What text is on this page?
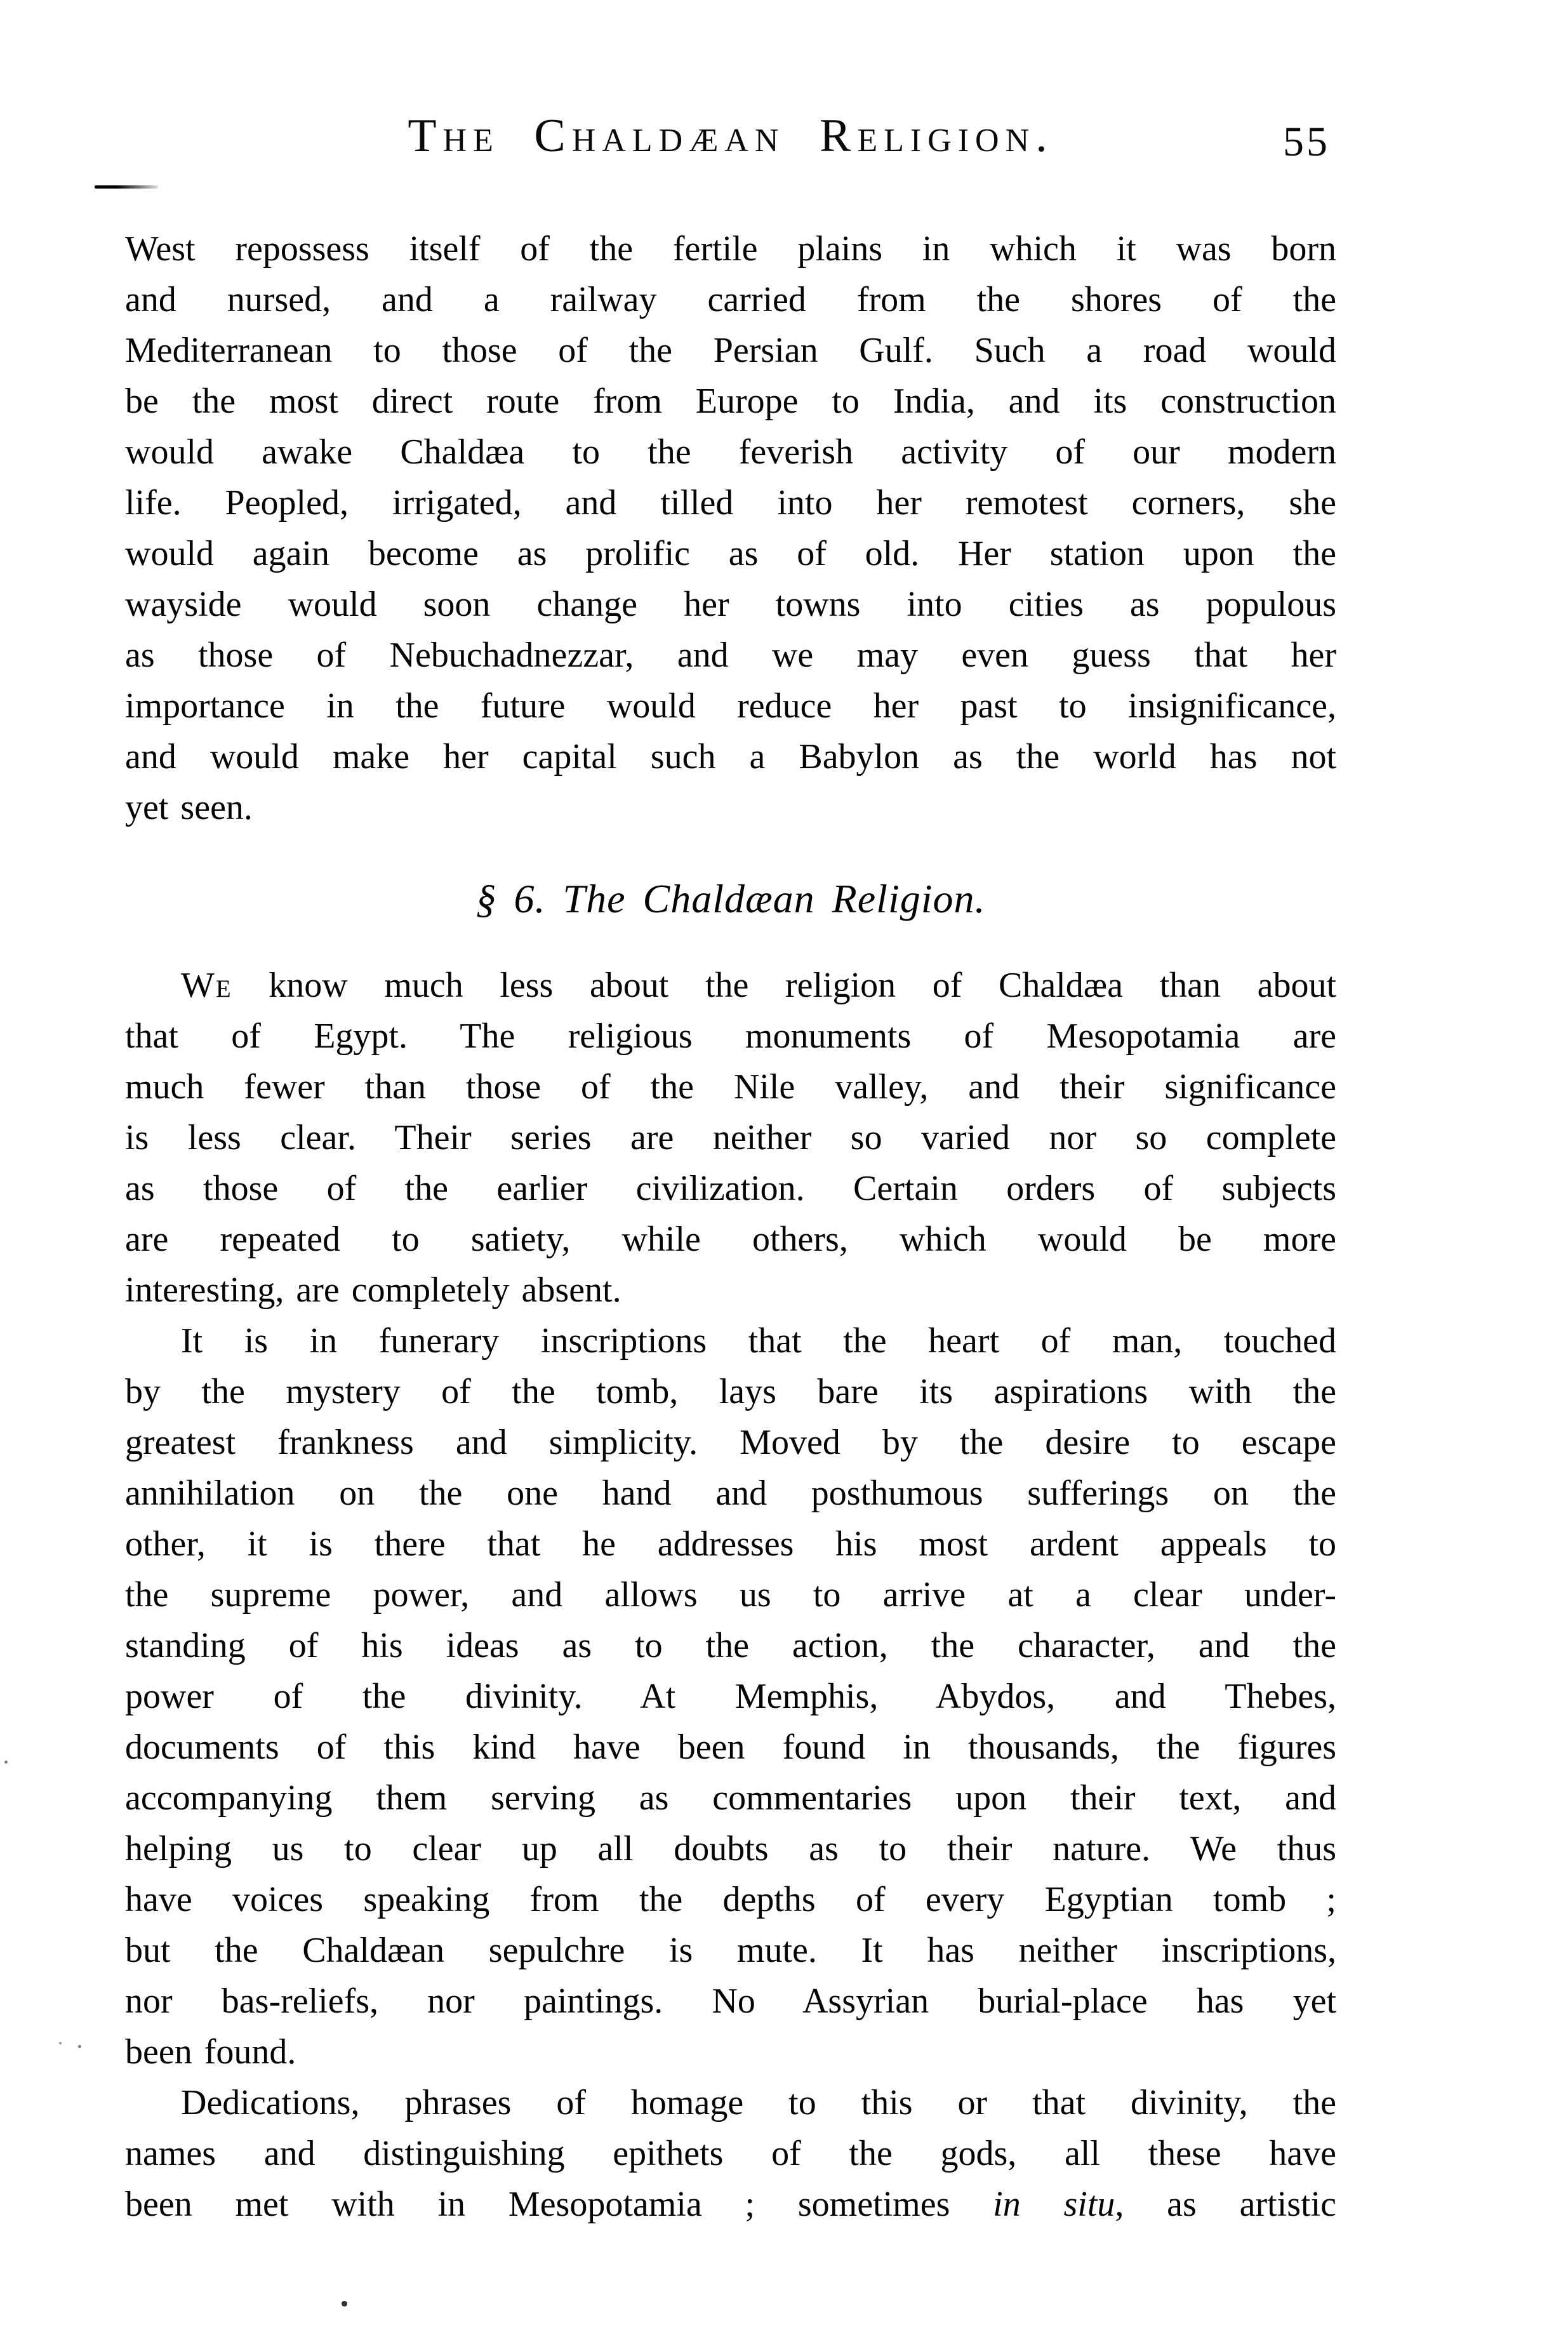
The Chaldæan Religion.	55
West repossess itself of the fertile plains in which it was born
and nursed, and a railway carried from the shores of the
Mediterranean to those of the Persian Gulf. Such a road would
be the most direct route from Europe to India, and its construction
would awake Chaldæa to the feverish activity of our modern
life. Peopled, irrigated, and tilled into her remotest corners, she
would again become as prolific as of old. Her station upon the
wayside would soon change her towns into cities as populous
as those of Nebuchadnezzar, and we may even guess that her
importance in the future would reduce her past to insignificance,
and would make her capital such a Babylon as the world has not
yet seen.
§ 6. The Chaldæan Religion.
We know much less about the religion of Chaldæa than about
that of Egypt. The religious monuments of Mesopotamia are
much fewer than those of the Nile valley, and their significance
is less clear. Their series are neither so varied nor so complete
as those of the earlier civilization. Certain orders of subjects
are repeated to satiety, while others, which would be more
interesting, are completely absent.
It is in funerary inscriptions that the heart of man, touched
by the mystery of the tomb, lays bare its aspirations with the
greatest frankness and simplicity. Moved by the desire to escape
annihilation on the one hand and posthumous sufferings on the
other, it is there that he addresses his most ardent appeals to
the supreme power, and allows us to arrive at a clear under-
standing of his ideas as to the action, the character, and the
power of the divinity. At Memphis, Abydos, and Thebes,
documents of this kind have been found in thousands, the figures
accompanying them serving as commentaries upon their text, and
helping us to clear up all doubts as to their nature. We thus
have voices speaking from the depths of every Egyptian tomb ;
but the Chaldæan sepulchre is mute. It has neither inscriptions,
nor bas-reliefs, nor paintings. No Assyrian burial-place has yet
been found.
Dedications, phrases of homage to this or that divinity, the
names and distinguishing epithets of the gods, all these have
been met with in Mesopotamia ; sometimes in situ, as artistic
